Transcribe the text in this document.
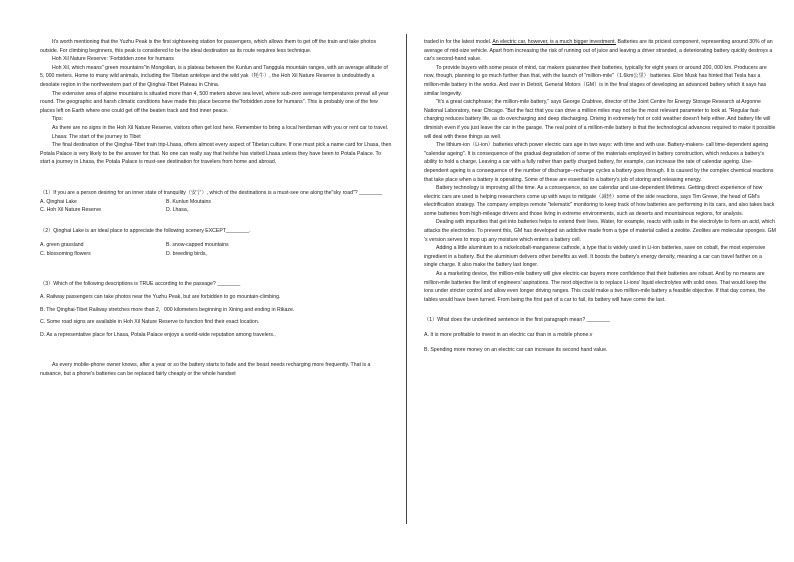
It's worth mentioning that the Yuzhu Peak is the first sightseeing station for passengers, which allows them to get off the train and take photos outside. For climbing beginners, this peak is considered to be the ideal destination as its route requires less technique.

Hoh Xil Nature Reserve: 'Forbidden zone for humans

Hoh Xil, which means" green mountains"in Mongolian, is a plateau between the Kunlun and Tanggula mountain ranges, with an average altitude of 5, 000 meters. Home to many wild animals, including the Tibetan antelope and the wild yak（牦牛）, the Hoh Xil Nature Reserve is undoubtedly a desolate region in the northwestern part of the Qinghai-Tibet Plateau in China.

The extensive area of alpine mountains is situated more than 4, 500 meters above sea level, where sub-zero average temperatures prevail all year round. The geographic and harsh climatic conditions have made this place become the"forbidden zone for humans". This is probably one of the few places left on Earth where one could get off the beaten track and find inner peace.

Tips:

As there are no signs in the Hoh Xil Nature Reserve, visitors often get lost here. Remember to bring a local herdsman with you or rent car to travel.

Lhasa: The start of the journey to Tibet

The final destination of the Qinghai-Tibet train trip-Lhasa, offers almost every aspect of Tibetan culture. If one must pick a name card for Lhasa, then Potala Palace is very likely to be the answer for that. No one can really say that he/she has visited Lhasa unless they have been to Potala Palace. To start a journey in Lhasa, the Potala Palace is must-see destination for travelers from home and abroad.

（1）If you are a person desiring for an inner state of tranquility（安宁）, which of the destinations is a must-see one along the"sky road"? ________

A. Qinghai Lake	B. Kunlun Moutains
C. Hoh Xil Nature Reserve	D. Lhasa。

（2）Qinghai Lake is an ideal place to appreciate the following scenery EXCEPT________.

A. green grassland	B. snow-capped mountains
C. blossoming flowers	D. breeding birds。

（3）Which of the following descriptions is TRUE according to the passage? ________

A. Railway passengers can take photos near the Yuzhu Peak, but are forbidden to go mountain-climbing.

B. The Qinghai-Tibet Railway stretches more than 2，000 kilometers beginning in Xining and ending in Rikaze.

C. Some road signs are available in Hoh Xil Nature Reserve to function find their exact location.

D. As a representative place for Lhasa, Potala Palace enjoys a world-wide reputation among travelers.．

As every mobile-phone owner knows, after a year or so the battery starts to fade and the beast needs recharging more frequently. That is a nuisance, but a phone's batteries can be replaced fairly cheaply or the whole handset

traded in for the latest model. An electric car, however, is a much bigger investment. Batteries are its priciest component, representing around 30% of an average of mid-size vehicle. Apart from increasing the risk of running out of juice and leaving a driver stranded, a deteriorating battery quickly destroys a car's second-hand value.

To provide buyers with some peace of mind, car makers guarantee their batteries, typically for eight years or around 200, 000 km. Producers are now, though, planning to go much further than that, with the launch of "million-mile"（1.6km公里） batteries. Elon Musk has hinted that Tesla has a million-mile battery in the works. And over in Detroit, General Motors（GM）is in the final stages of developing an advanced battery which it says has similar longevity.

"It's a great catchphrase; the million-mile battery," says George Crabtree, director of the Joint Centre for Energy Storage Research at Argonne National Laboratory, near Chicago. "But the fact that you can drive a million miles may not be the most relevant parameter to look at. "Regular fast-charging reduces battery life, as do overcharging and deep discharging. Driving in extremely hot or cold weather doesn't help either. And battery life will diminish even if you just leave the car in the garage. The real point of a million-mile battery is that the technological advances required to make it possible will deal with these things as well.

The lithium-ion（Li-ion）batteries which power electric cars age in two ways: with time and with use. Battery-makers- call time-dependent ageing "calendar ageing". It is consequence of the gradual degradation of some of the materials employed in battery construction, which reduces a battery's ability to hold a charge. Leaving a car with a fully rather than partly charged battery, for example, can increase the rate of calendar ageing. Use-dependent ageing is a consequence of the number of discharge--recharge cycles a battery goes through. It is caused by the complex chemical reactions that take place when a battery is operating. Some of these are essential to a battery's job of storing and releasing energy.

Battery technology is improving all the time. As a consequence, so are calendar and use-dependent lifetimes. Getting direct experience of how electric cars are used is helping researchers come up with ways to mitigate（减轻）some of the side reactions, says Tim Grewe, the head of GM's electrification strategy. The company employs remote "telematic" monitoring to keep track of how batteries are performing in its cars, and also takes back some batteries from high-mileage drivers and those living in extreme environments, such as deserts and mountainous regions, for analysis.

Dealing with impurities that get into batteries helps to extend their lives. Water, for example, reacts with salts in the electrolyte to form an acid, which attacks the electrodes. To prevent this, GM has developed an addictive made from a type of material called a zeolite. Zeolites are molecular sponges. GM 's version serves to mop up any moisture which enters a battery cell.

Adding a little aluminium to a nickelcobalt-manganese cathode, a type that is widely used in Li-ion batteries, save on cobalt, the most expensive ingredient in a battery. But the aluminium delivers other benefits as well. It boosts the battery's energy density, meaning a car can travel farther on a single charge. It also make the battery last longer.

As a marketing device, the million-mile battery will give electric-car buyers more confidence that their batteries are robust. And by no means are million-mile batteries the limit of engineers' aspirations. The next objective is to replace Li-ions' liquid electrolytes with solid ones. That would keep the ions under stricter control and allow even longer driving ranges. This could make a two million-mile battery a feasible objective. If that day comes, the tables would have been turned. From being the first part of a car to fail, its battery will have come the last.

（1）What does the underlined sentence in the first paragraph mean? ________

A. It is more profitable to invest in an electric car than in a mobile phone.v

B. Spending more money on an electric car can increase its second hand value.
